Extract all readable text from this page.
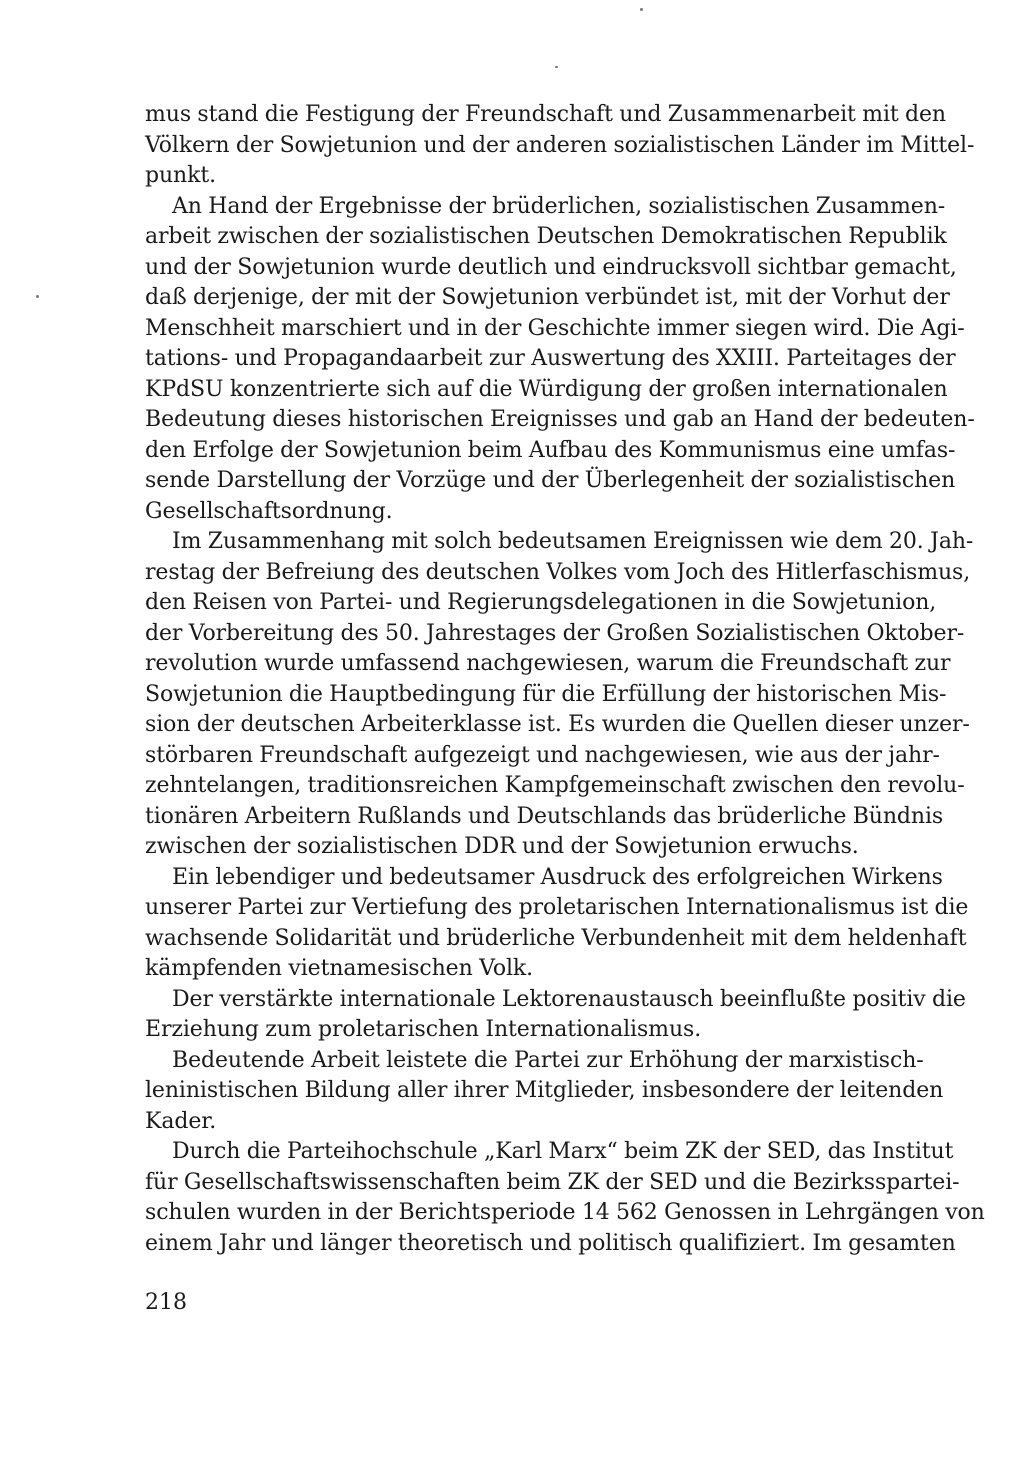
mus stand die Festigung der Freundschaft und Zusammenarbeit mit den
Völkern der Sowjetunion und der anderen sozialistischen Länder im Mittel-
punkt.
An Hand der Ergebnisse der brüderlichen, sozialistischen Zusammen-
arbeit zwischen der sozialistischen Deutschen Demokratischen Republik
und der Sowjetunion wurde deutlich und eindrucksvoll sichtbar gemacht,
daß derjenige, der mit der Sowjetunion verbündet ist, mit der Vorhut der
Menschheit marschiert und in der Geschichte immer siegen wird. Die Agi-
tations- und Propagandaarbeit zur Auswertung des XXIII. Parteitages der
KPdSU konzentrierte sich auf die Würdigung der großen internationalen
Bedeutung dieses historischen Ereignisses und gab an Hand der bedeuten-
den Erfolge der Sowjetunion beim Aufbau des Kommunismus eine umfas-
sende Darstellung der Vorzüge und der Überlegenheit der sozialistischen
Gesellschaftsordnung.
Im Zusammenhang mit solch bedeutsamen Ereignissen wie dem 20. Jah-
restag der Befreiung des deutschen Volkes vom Joch des Hitlerfaschismus,
den Reisen von Partei- und Regierungsdelegationen in die Sowjetunion,
der Vorbereitung des 50. Jahrestages der Großen Sozialistischen Oktober-
revolution wurde umfassend nachgewiesen, warum die Freundschaft zur
Sowjetunion die Hauptbedingung für die Erfüllung der historischen Mis-
sion der deutschen Arbeiterklasse ist. Es wurden die Quellen dieser unzer-
störbaren Freundschaft aufgezeigt und nachgewiesen, wie aus der jahr-
zehntelangen, traditionsreichen Kampfgemeinschaft zwischen den revolu-
tionären Arbeitern Rußlands und Deutschlands das brüderliche Bündnis
zwischen der sozialistischen DDR und der Sowjetunion erwuchs.
Ein lebendiger und bedeutsamer Ausdruck des erfolgreichen Wirkens
unserer Partei zur Vertiefung des proletarischen Internationalismus ist die
wachsende Solidarität und brüderliche Verbundenheit mit dem heldenhaft
kämpfenden vietnamesischen Volk.
Der verstärkte internationale Lektorenaustausch beeinflußte positiv die
Erziehung zum proletarischen Internationalismus.
Bedeutende Arbeit leistete die Partei zur Erhöhung der marxistisch-
leninistischen Bildung aller ihrer Mitglieder, insbesondere der leitenden
Kader.
Durch die Parteihochschule „Karl Marx“ beim ZK der SED, das Institut
für Gesellschaftswissenschaften beim ZK der SED und die Bezirksspartei-
schulen wurden in der Berichtsperiode 14 562 Genossen in Lehrgängen von
einem Jahr und länger theoretisch und politisch qualifiziert. Im gesamten
218
